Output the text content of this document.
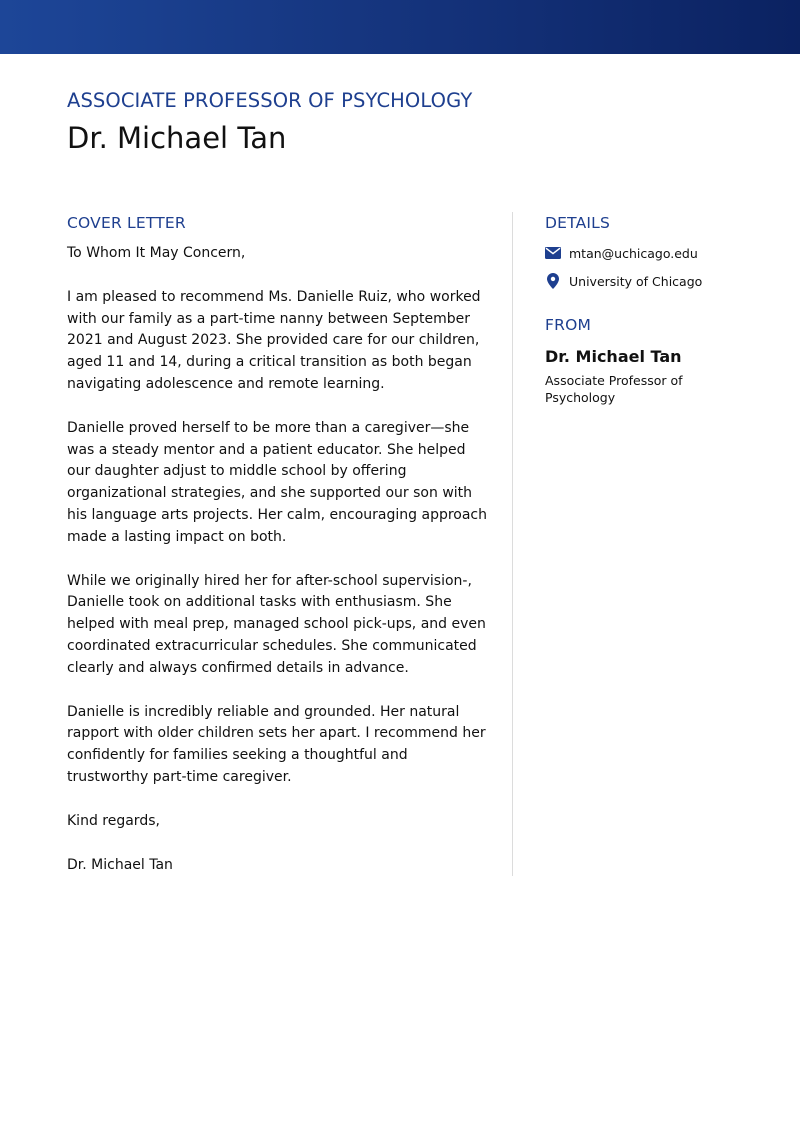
ASSOCIATE PROFESSOR OF PSYCHOLOGY
Dr. Michael Tan
COVER LETTER

To Whom It May Concern,

I am pleased to recommend Ms. Danielle Ruiz, who worked with our family as a part-time nanny between September 2021 and August 2023. She provided care for our children, aged 11 and 14, during a critical transition as both began navigating adolescence and remote learning.

Danielle proved herself to be more than a caregiver—she was a steady mentor and a patient educator. She helped our daughter adjust to middle school by offering organizational strategies, and she supported our son with his language arts projects. Her calm, encouraging approach made a lasting impact on both.

While we originally hired her for after-school supervision-, Danielle took on additional tasks with enthusiasm. She helped with meal prep, managed school pick-ups, and even coordinated extracurricular schedules. She communicated clearly and always confirmed details in advance.

Danielle is incredibly reliable and grounded. Her natural rapport with older children sets her apart. I recommend her confidently for families seeking a thoughtful and trustworthy part-time caregiver.

Kind regards,

Dr. Michael Tan

DETAILS
mtan@uchicago.edu
University of Chicago
FROM
Dr. Michael Tan
Associate Professor of Psychology
